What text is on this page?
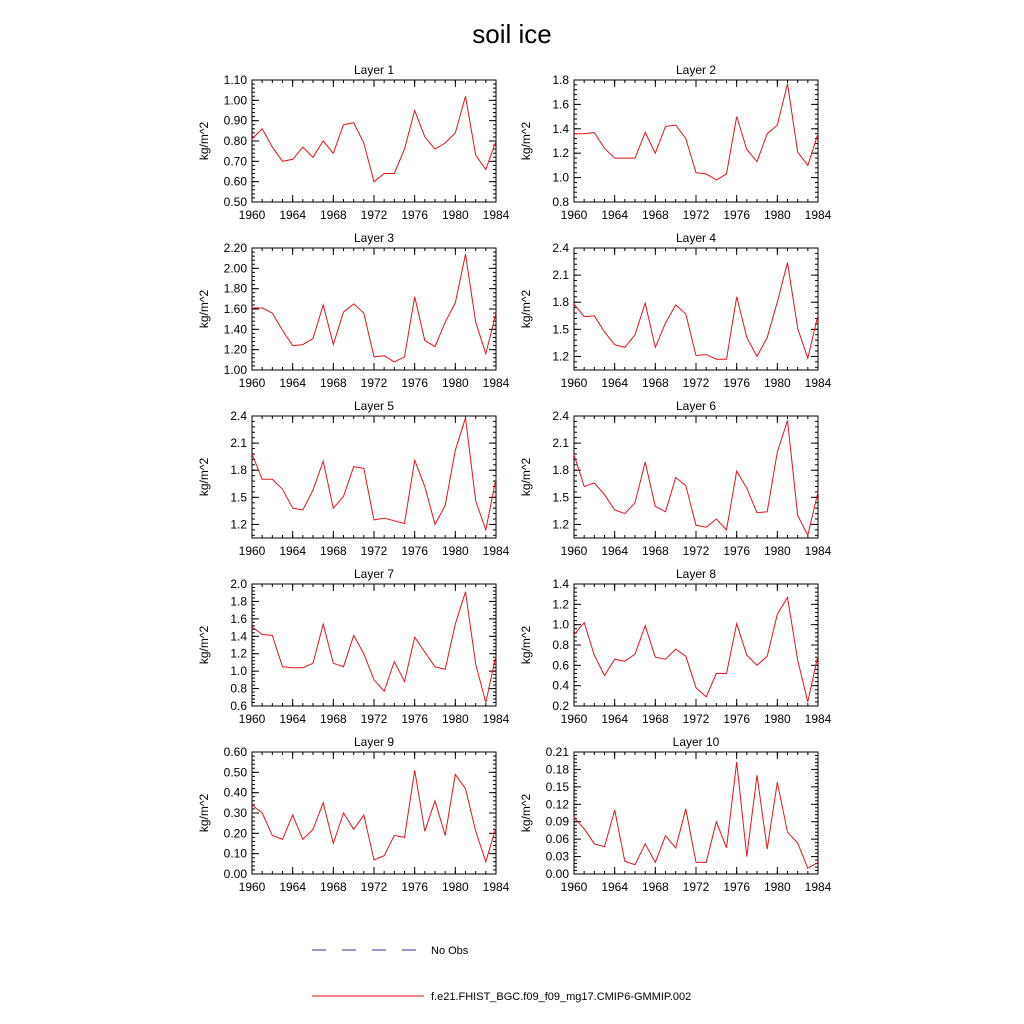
soil ice
Layer 1
1960 1964 1968 1972 1976 1980 1984
0.50
0.60
0.70
0.80
0.90
1.00
1.10
kg/m^2
Layer 2
1960 1964 1968 1972 1976 1980 1984
0.8
1.0
1.2
1.4
1.6
1.8
kg/m^2
Layer 3
1960 1964 1968 1972 1976 1980 1984
1.00
1.20
1.40
1.60
1.80
2.00
2.20
kg/m^2
Layer 4
1960 1964 1968 1972 1976 1980 1984
1.2
1.5
1.8
2.1
2.4
kg/m^2
Layer 5
1960 1964 1968 1972 1976 1980 1984
1.2
1.5
1.8
2.1
2.4
kg/m^2
Layer 6
1960 1964 1968 1972 1976 1980 1984
1.2
1.5
1.8
2.1
2.4
kg/m^2
Layer 7
1960 1964 1968 1972 1976 1980 1984
0.6
0.8
1.0
1.2
1.4
1.6
1.8
2.0
kg/m^2
Layer 8
1960 1964 1968 1972 1976 1980 1984
0.2
0.4
0.6
0.8
1.0
1.2
1.4
kg/m^2
Layer 9
1960 1964 1968 1972 1976 1980 1984
0.00
0.10
0.20
0.30
0.40
0.50
0.60
kg/m^2
Layer 10
1960 1964 1968 1972 1976 1980 1984
0.00
0.03
0.06
0.09
0.12
0.15
0.18
0.21
kg/m^2
No Obs
f.e21.FHIST_BGC.f09_f09_mg17.CMIP6-GMMIP.002
